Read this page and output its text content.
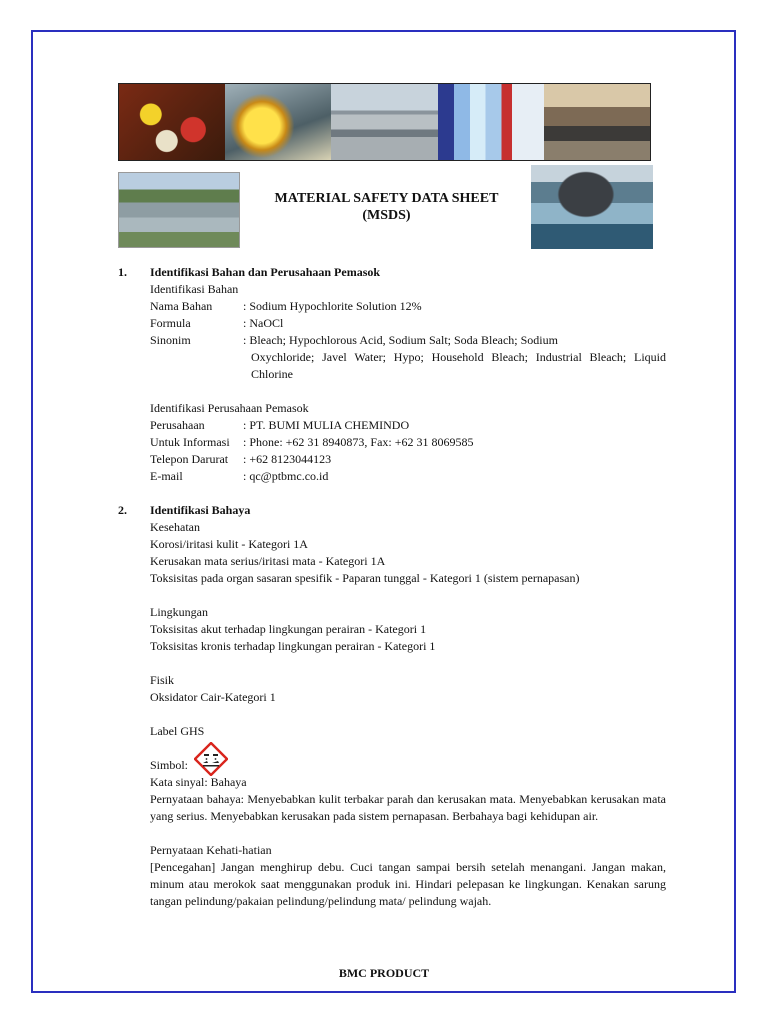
MATERIAL SAFETY DATA SHEET
(MSDS)
1.	Identifikasi Bahan dan Perusahaan Pemasok
Identifikasi Bahan
Nama Bahan	: Sodium Hypochlorite Solution 12%
Formula	: NaOCl
Sinonim	: Bleach; Hypochlorous Acid, Sodium Salt; Soda Bleach; Sodium
Oxychloride; Javel Water; Hypo; Household Bleach; Industrial Bleach; Liquid Chlorine
Identifikasi Perusahaan Pemasok
Perusahaan	: PT. BUMI MULIA CHEMINDO
Untuk Informasi	: Phone: +62 31 8940873, Fax: +62 31 8069585
Telepon Darurat	: +62 8123044123
E-mail	: qc@ptbmc.co.id
2.	Identifikasi Bahaya
Kesehatan
Korosi/iritasi kulit - Kategori 1A
Kerusakan mata serius/iritasi mata - Kategori 1A
Toksisitas pada organ sasaran spesifik - Paparan tunggal - Kategori 1 (sistem pernapasan)
Lingkungan
Toksisitas akut terhadap lingkungan perairan - Kategori 1
Toksisitas kronis terhadap lingkungan perairan - Kategori 1
Fisik
Oksidator Cair-Kategori 1
Label GHS
Simbol:
Kata sinyal: Bahaya
Pernyataan bahaya: Menyebabkan kulit terbakar parah dan kerusakan mata. Menyebabkan kerusakan mata yang serius. Menyebabkan kerusakan pada sistem pernapasan. Berbahaya bagi kehidupan air.
Pernyataan Kehati-hatian
[Pencegahan] Jangan menghirup debu. Cuci tangan sampai bersih setelah menangani. Jangan makan, minum atau merokok saat menggunakan produk ini. Hindari pelepasan ke lingkungan. Kenakan sarung tangan pelindung/pakaian pelindung/pelindung mata/ pelindung wajah.
BMC PRODUCT
